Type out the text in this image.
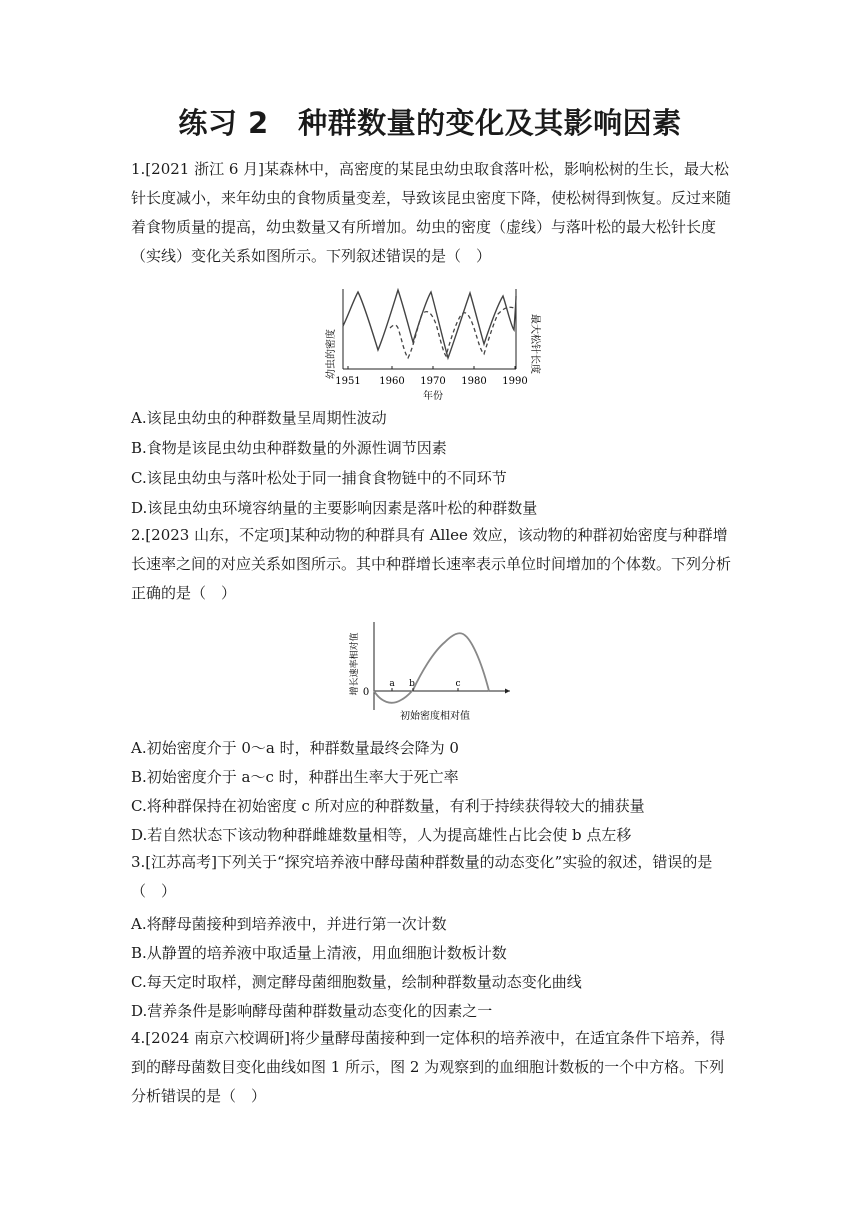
练习 2　种群数量的变化及其影响因素

1.[2021 浙江 6 月]某森林中，高密度的某昆虫幼虫取食落叶松，影响松树的生长，最大松针长度减小，来年幼虫的食物质量变差，导致该昆虫密度下降，使松树得到恢复。反过来随着食物质量的提高，幼虫数量又有所增加。幼虫的密度（虚线）与落叶松的最大松针长度（实线）变化关系如图所示。下列叙述错误的是（　）

幼虫的密度	最大松针长度
1951 1960 1970 1980 1990
年份

A.该昆虫幼虫的种群数量呈周期性波动

B.食物是该昆虫幼虫种群数量的外源性调节因素

C.该昆虫幼虫与落叶松处于同一捕食食物链中的不同环节

D.该昆虫幼虫环境容纳量的主要影响因素是落叶松的种群数量

2.[2023 山东，不定项]某种动物的种群具有 Allee 效应，该动物的种群初始密度与种群增长速率之间的对应关系如图所示。其中种群增长速率表示单位时间增加的个体数。下列分析正确的是（　）

增长速率相对值 0
a b	c
初始密度相对值

A.初始密度介于 0～a 时，种群数量最终会降为 0

B.初始密度介于 a～c 时，种群出生率大于死亡率

C.将种群保持在初始密度 c 所对应的种群数量，有利于持续获得较大的捕获量

D.若自然状态下该动物种群雌雄数量相等，人为提高雄性占比会使 b 点左移

3.[江苏高考]下列关于“探究培养液中酵母菌种群数量的动态变化”实验的叙述，错误的是（　）

A.将酵母菌接种到培养液中，并进行第一次计数

B.从静置的培养液中取适量上清液，用血细胞计数板计数

C.每天定时取样，测定酵母菌细胞数量，绘制种群数量动态变化曲线

D.营养条件是影响酵母菌种群数量动态变化的因素之一

4.[2024 南京六校调研]将少量酵母菌接种到一定体积的培养液中，在适宜条件下培养，得到的酵母菌数目变化曲线如图 1 所示，图 2 为观察到的血细胞计数板的一个中方格。下列分析错误的是（　）
